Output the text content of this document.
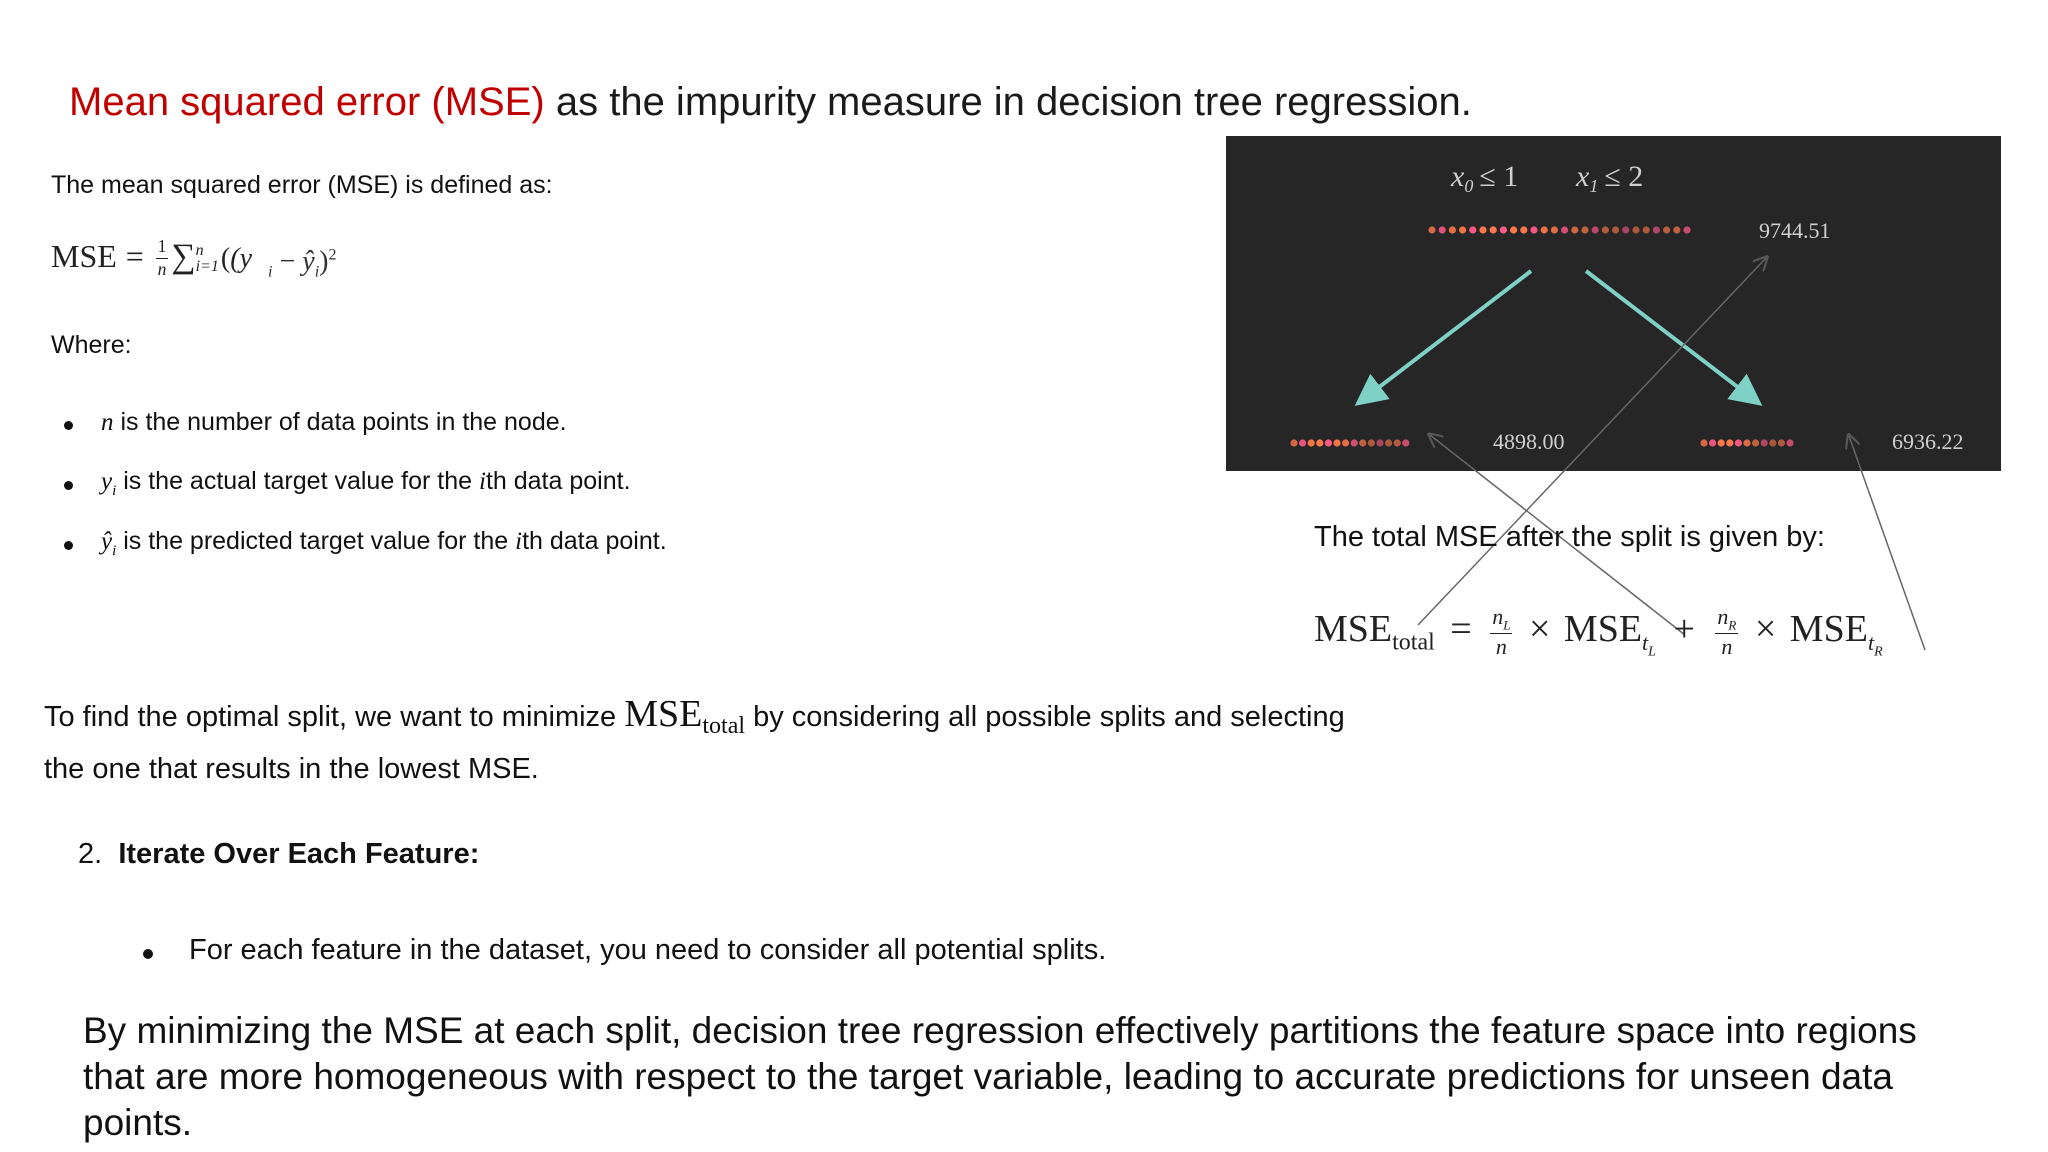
Mean squared error (MSE) as the impurity measure in decision tree regression.
The mean squared error (MSE) is defined as:
MSE = $\frac{1}{n}$ ∑ n
i=1 ((y $_i - ŷ_i)^2$
Where:
n is the number of data points in the node.
$y_i$ is the actual target value for the ith data point.
$ŷ_i$ is the predicted target value for the ith data point.
$x_0 \le 1$ $x_1 \le 2$
9744.51
4898.00	6936.22
The total MSE after the split is given by:
$MSE_{total} = \frac{n_L}{n} \times MSE_{t_L} + \frac{n_R}{n} \times MSE_{t_R}$
To find the optimal split, we want to minimize $MSE_{total}$ by considering all possible splits and selecting
the one that results in the lowest MSE.
2. Iterate Over Each Feature:
For each feature in the dataset, you need to consider all potential splits.
By minimizing the MSE at each split, decision tree regression effectively partitions the feature space into regions that are more homogeneous with respect to the target variable, leading to accurate predictions for unseen data points.
